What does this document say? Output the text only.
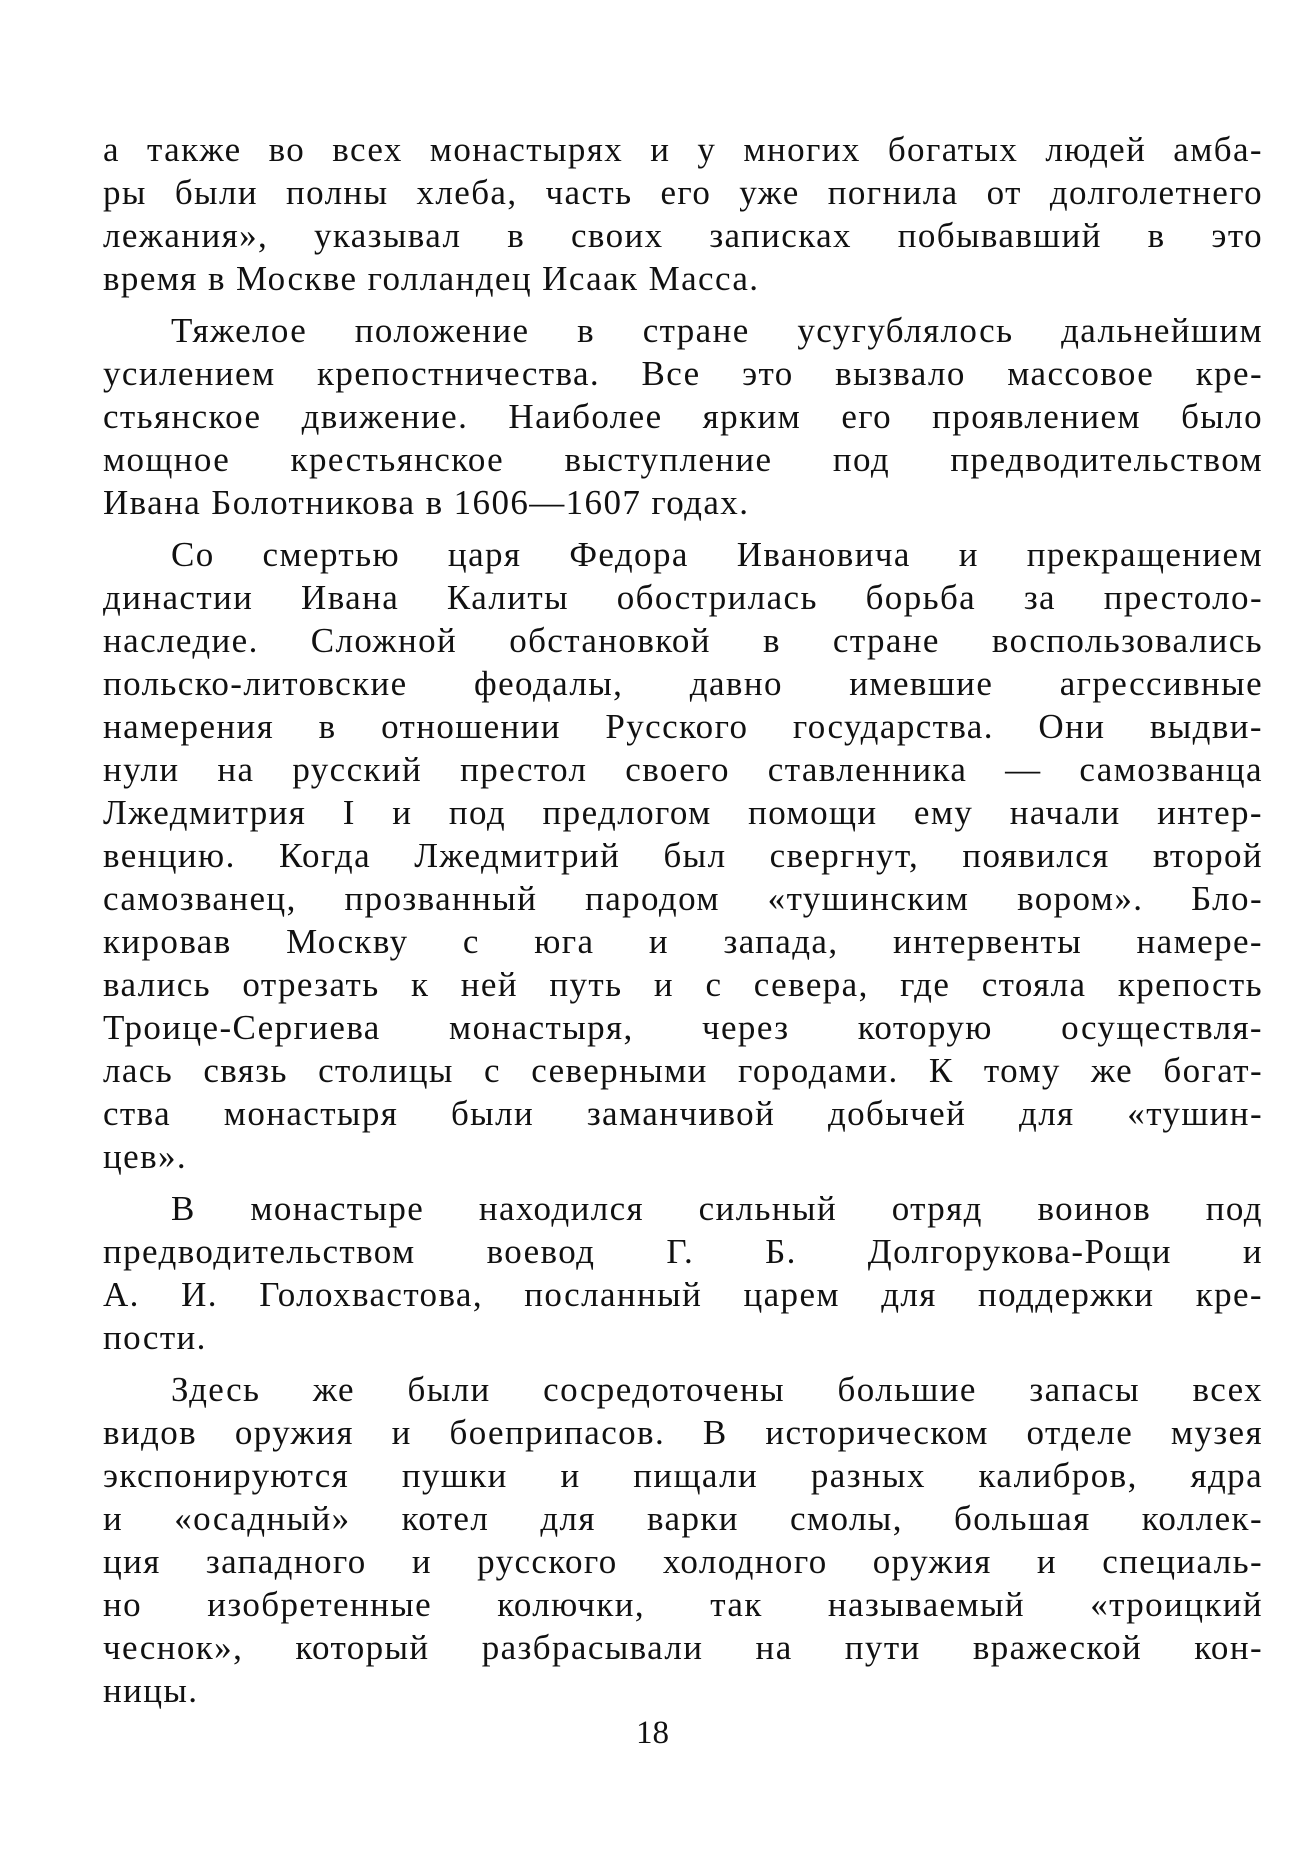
а также во всех монастырях и у многих богатых людей амба-
ры были полны хлеба, часть его уже погнила от долголетнего
лежания», указывал в своих записках побывавший в это
время в Москве голландец Исаак Масса.
Тяжелое положение в стране усугублялось дальнейшим
усилением крепостничества. Все это вызвало массовое кре-
стьянское движение. Наиболее ярким его проявлением было
мощное крестьянское выступление под предводительством
Ивана Болотникова в 1606—1607 годах.
Со смертью царя Федора Ивановича и прекращением
династии Ивана Калиты обострилась борьба за престоло-
наследие. Сложной обстановкой в стране воспользовались
польско-литовские феодалы, давно имевшие агрессивные
намерения в отношении Русского государства. Они выдви-
нули на русский престол своего ставленника — самозванца
Лжедмитрия I и под предлогом помощи ему начали интер-
венцию. Когда Лжедмитрий был свергнут, появился второй
самозванец, прозванный пародом «тушинским вором». Бло-
кировав Москву с юга и запада, интервенты намере-
вались отрезать к ней путь и с севера, где стояла крепость
Троице-Сергиева монастыря, через которую осуществля-
лась связь столицы с северными городами. К тому же богат-
ства монастыря были заманчивой добычей для «тушин-
цев».
В монастыре находился сильный отряд воинов под
предводительством воевод Г. Б. Долгорукова-Рощи и
А. И. Голохвастова, посланный царем для поддержки кре-
пости.
Здесь же были сосредоточены большие запасы всех
видов оружия и боеприпасов. В историческом отделе музея
экспонируются пушки и пищали разных калибров, ядра
и «осадный» котел для варки смолы, большая коллек-
ция западного и русского холодного оружия и специаль-
но изобретенные колючки, так называемый «троицкий
чеснок», который разбрасывали на пути вражеской кон-
ницы.
18
